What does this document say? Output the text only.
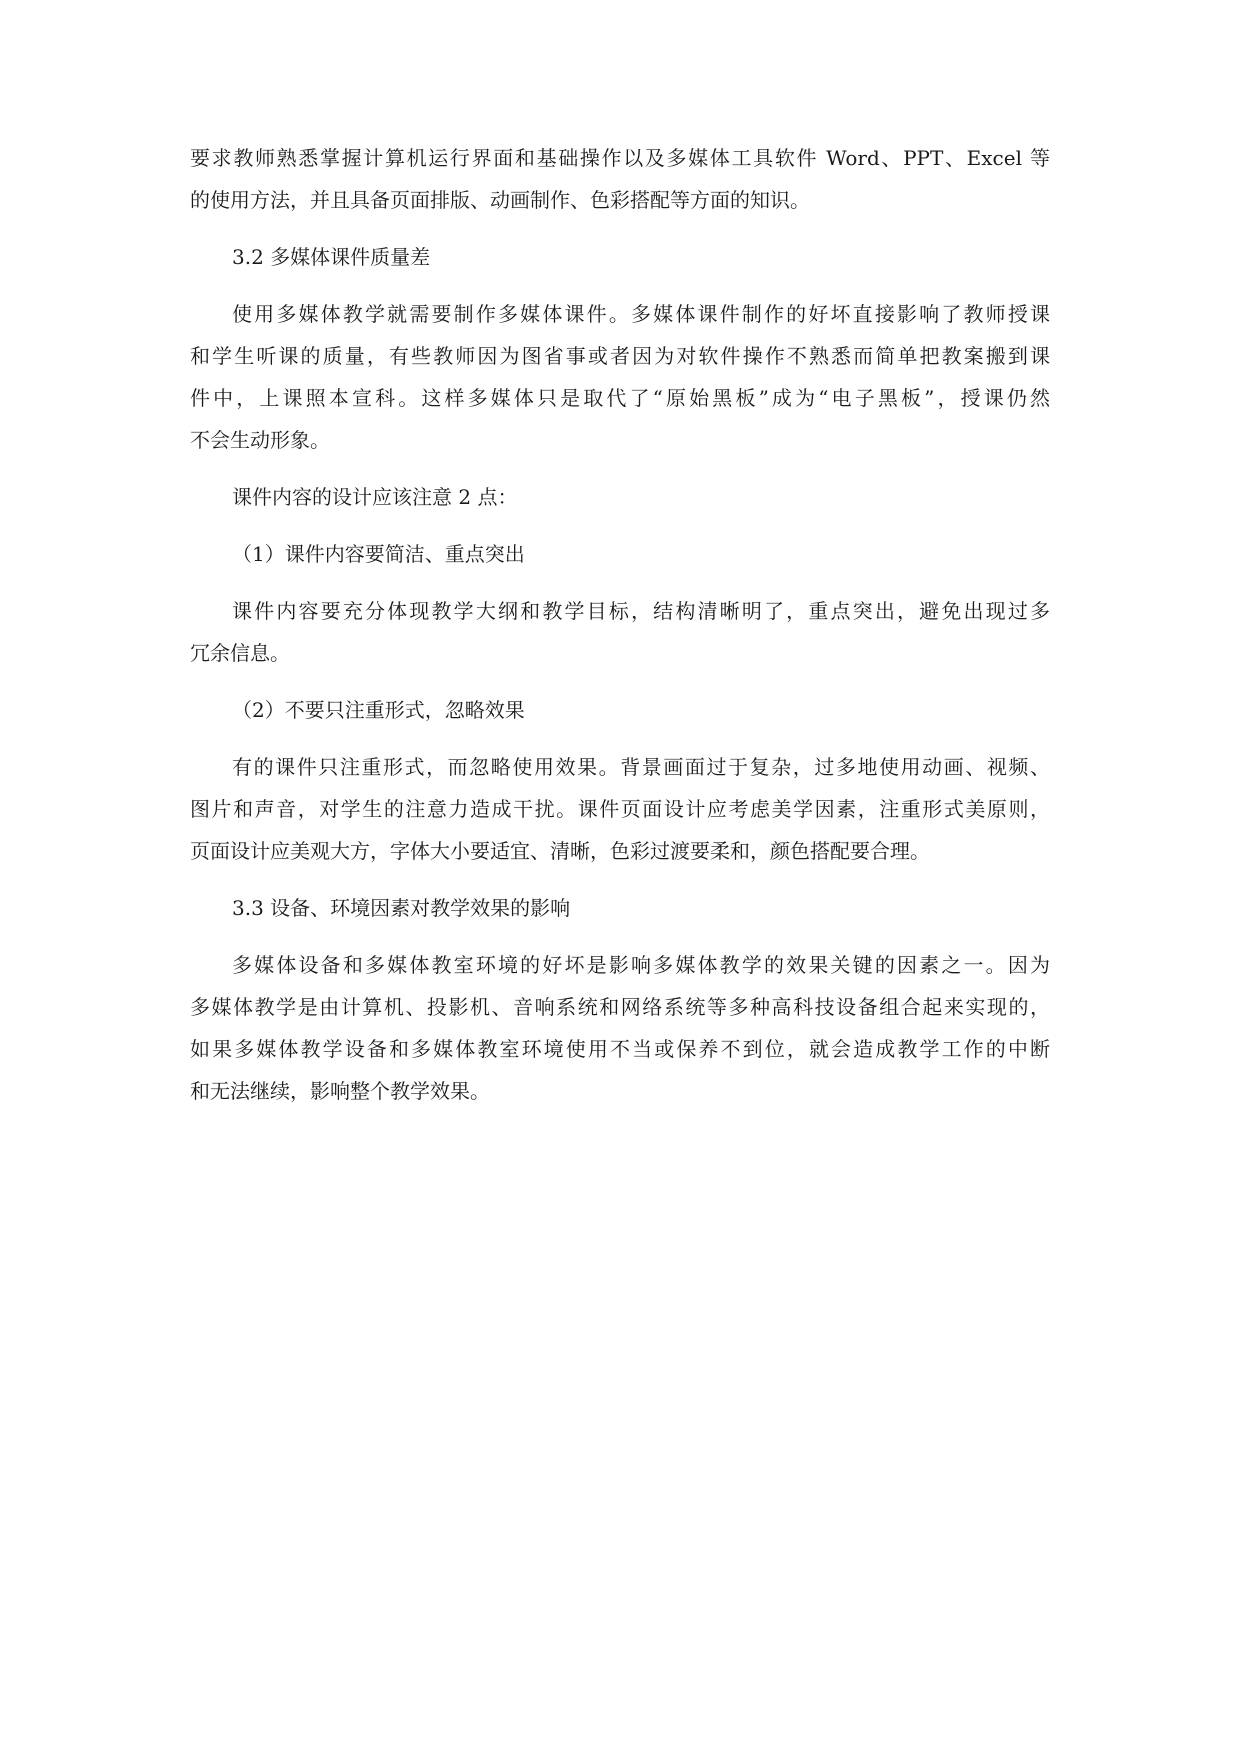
要求教师熟悉掌握计算机运行界面和基础操作以及多媒体工具软件 Word、PPT、Excel 等
的使用方法，并且具备页面排版、动画制作、色彩搭配等方面的知识。
3.2 多媒体课件质量差
使用多媒体教学就需要制作多媒体课件。多媒体课件制作的好坏直接影响了教师授课
和学生听课的质量，有些教师因为图省事或者因为对软件操作不熟悉而简单把教案搬到课
件中，上课照本宣科。这样多媒体只是取代了“原始黑板”成为“电子黑板”，授课仍然
不会生动形象。
课件内容的设计应该注意 2 点：
（1）课件内容要简洁、重点突出
课件内容要充分体现教学大纲和教学目标，结构清晰明了，重点突出，避免出现过多
冗余信息。
（2）不要只注重形式，忽略效果
有的课件只注重形式，而忽略使用效果。背景画面过于复杂，过多地使用动画、视频、
图片和声音，对学生的注意力造成干扰。课件页面设计应考虑美学因素，注重形式美原则，
页面设计应美观大方，字体大小要适宜、清晰，色彩过渡要柔和，颜色搭配要合理。
3.3 设备、环境因素对教学效果的影响
多媒体设备和多媒体教室环境的好坏是影响多媒体教学的效果关键的因素之一。因为
多媒体教学是由计算机、投影机、音响系统和网络系统等多种高科技设备组合起来实现的，
如果多媒体教学设备和多媒体教室环境使用不当或保养不到位，就会造成教学工作的中断
和无法继续，影响整个教学效果。
